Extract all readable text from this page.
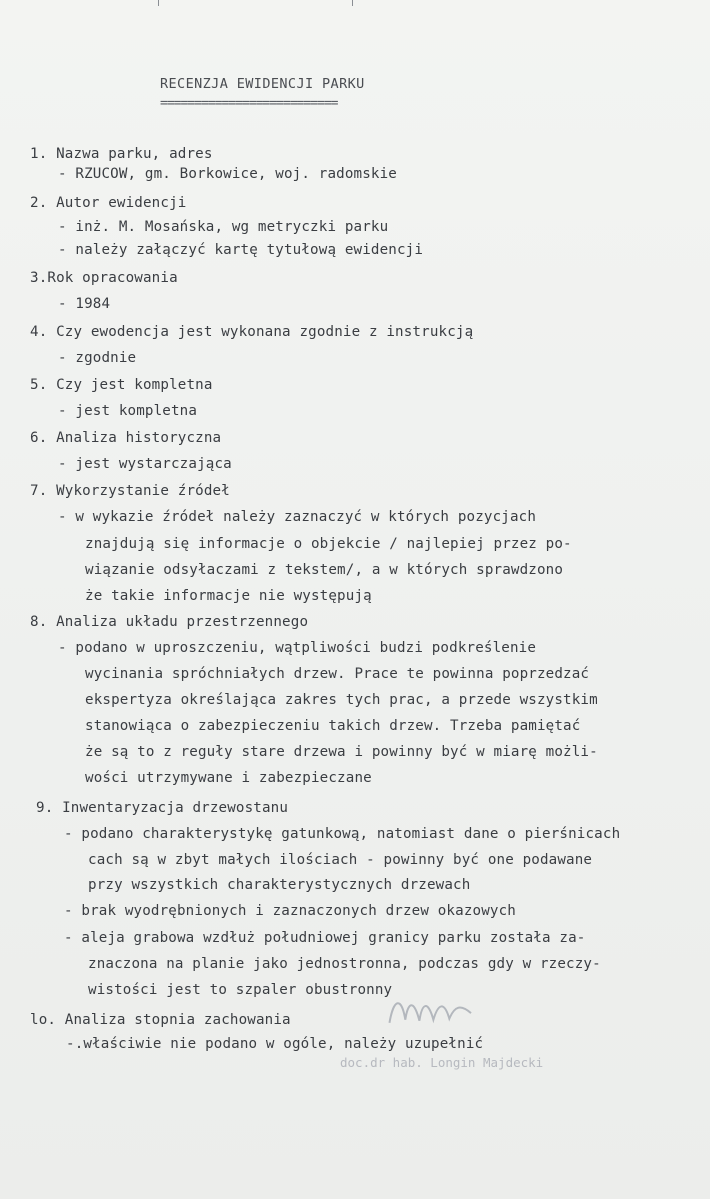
RECENZJA EWIDENCJI PARKU
==========================
1. Nazwa parku, adres
- RZUCOW, gm. Borkowice, woj. radomskie
2. Autor ewidencji
- inż. M. Mosańska, wg metryczki parku
- należy załączyć kartę tytułową ewidencji
3.Rok opracowania
- 1984
4. Czy ewodencja jest wykonana zgodnie z instrukcją
- zgodnie
5. Czy jest kompletna
- jest kompletna
6. Analiza historyczna
- jest wystarczająca
7. Wykorzystanie źródeł
- w wykazie źródeł należy zaznaczyć w których pozycjach
znajdują się informacje o objekcie / najlepiej przez po-
wiązanie odsyłaczami z tekstem/, a w których sprawdzono
że takie informacje nie występują
8. Analiza układu przestrzennego
- podano w uproszczeniu, wątpliwości budzi podkreślenie
wycinania spróchniałych drzew. Prace te powinna poprzedzać
ekspertyza określająca zakres tych prac, a przede wszystkim
stanowiąca o zabezpieczeniu takich drzew. Trzeba pamiętać
że są to z reguły stare drzewa i powinny być w miarę możli-
wości utrzymywane i zabezpieczane
9. Inwentaryzacja drzewostanu
- podano charakterystykę gatunkową, natomiast dane o pierśnicach
cach są w zbyt małych ilościach - powinny być one podawane
przy wszystkich charakterystycznych drzewach
- brak wyodrębnionych i zaznaczonych drzew okazowych
- aleja grabowa wzdłuż południowej granicy parku została za-
znaczona na planie jako jednostronna, podczas gdy w rzeczy-
wistości jest to szpaler obustronny
lo. Analiza stopnia zachowania
-.właściwie nie podano w ogóle, należy uzupełnić
doc.dr hab. Longin Majdecki
